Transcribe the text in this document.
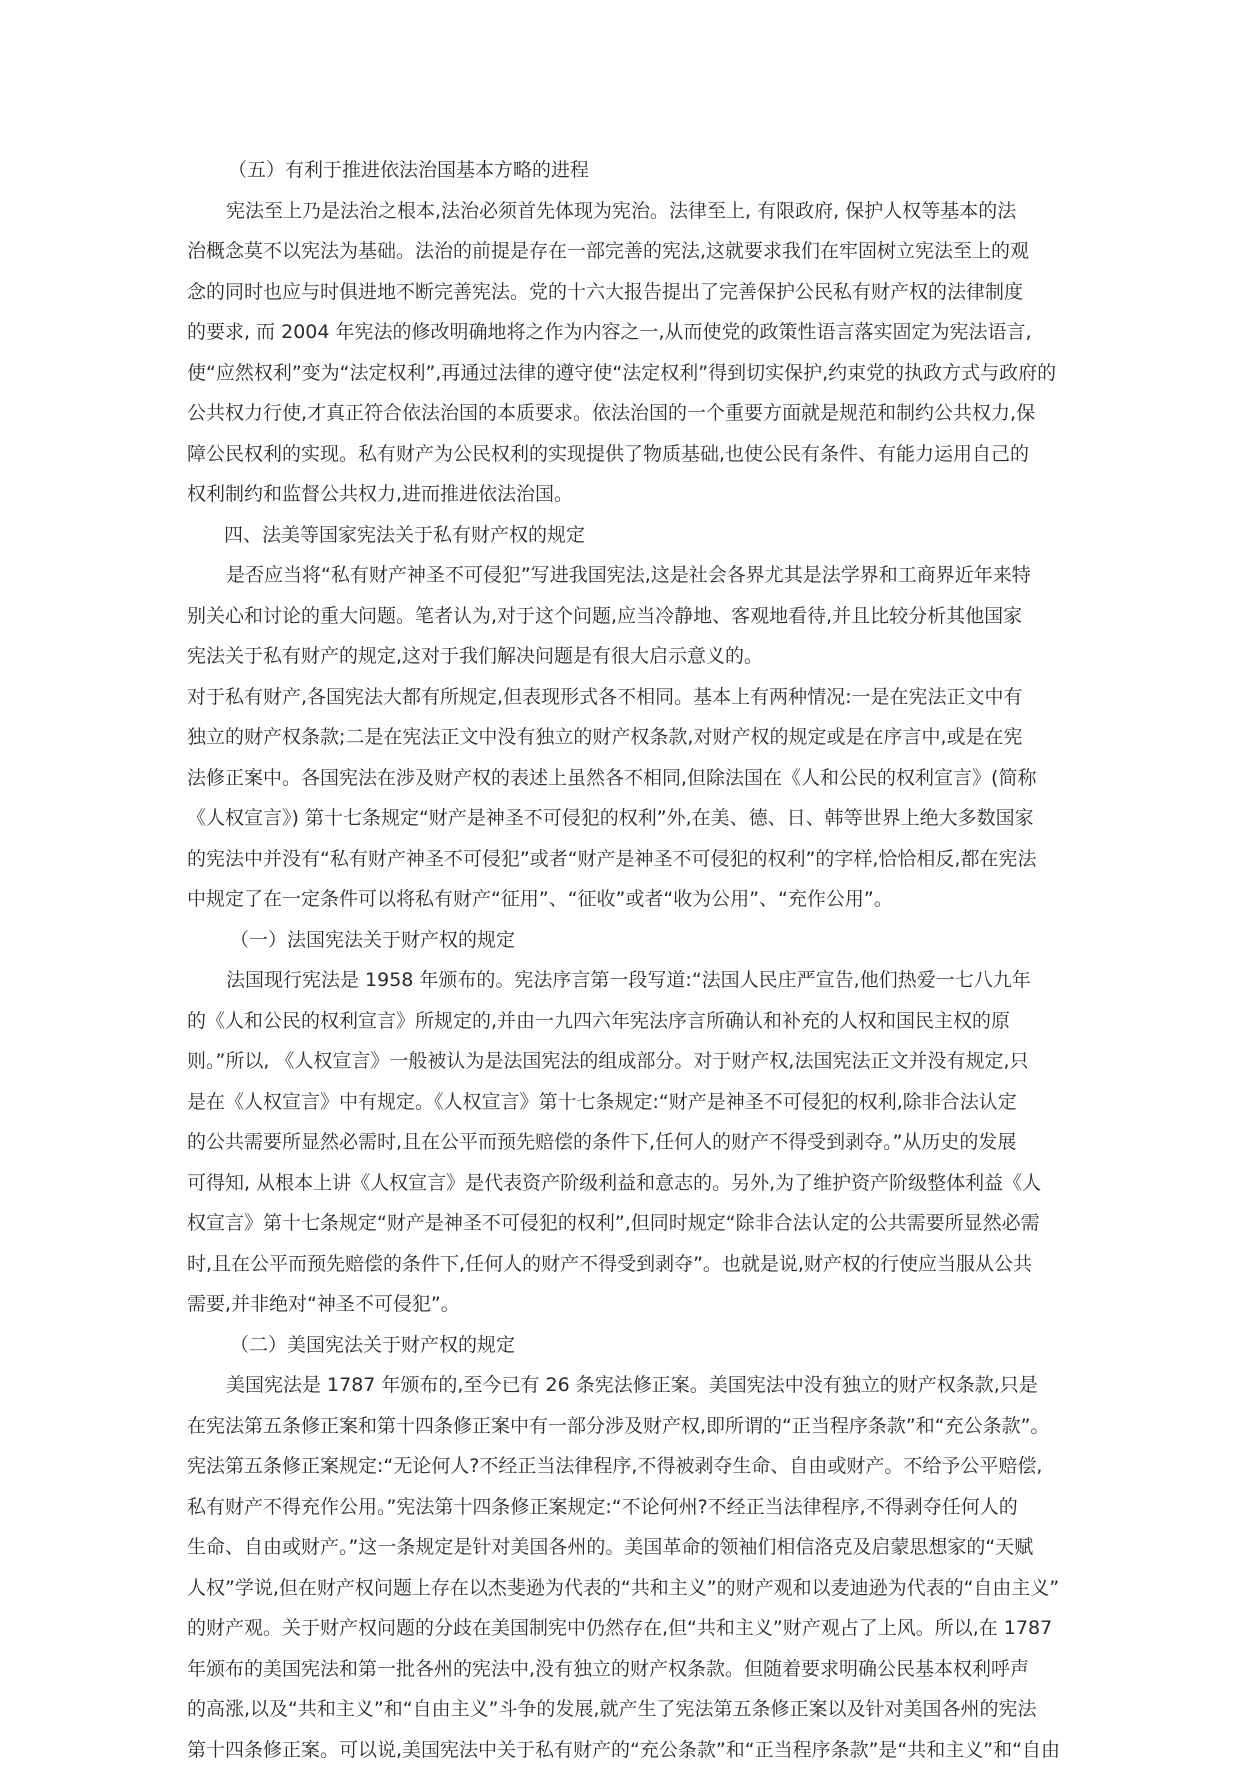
（五）有利于推进依法治国基本方略的进程
宪法至上乃是法治之根本,法治必须首先体现为宪治。法律至上, 有限政府, 保护人权等基本的法
治概念莫不以宪法为基础。法治的前提是存在一部完善的宪法,这就要求我们在牢固树立宪法至上的观
念的同时也应与时俱进地不断完善宪法。党的十六大报告提出了完善保护公民私有财产权的法律制度
的要求, 而 2004 年宪法的修改明确地将之作为内容之一,从而使党的政策性语言落实固定为宪法语言,
使“应然权利”变为“法定权利”,再通过法律的遵守使“法定权利”得到切实保护,约束党的执政方式与政府的
公共权力行使,才真正符合依法治国的本质要求。依法治国的一个重要方面就是规范和制约公共权力,保
障公民权利的实现。私有财产为公民权利的实现提供了物质基础,也使公民有条件、有能力运用自己的
权利制约和监督公共权力,进而推进依法治国。
四、法美等国家宪法关于私有财产权的规定
是否应当将“私有财产神圣不可侵犯”写进我国宪法,这是社会各界尤其是法学界和工商界近年来特
别关心和讨论的重大问题。笔者认为,对于这个问题,应当冷静地、客观地看待,并且比较分析其他国家
宪法关于私有财产的规定,这对于我们解决问题是有很大启示意义的。
对于私有财产,各国宪法大都有所规定,但表现形式各不相同。基本上有两种情况:一是在宪法正文中有
独立的财产权条款;二是在宪法正文中没有独立的财产权条款,对财产权的规定或是在序言中,或是在宪
法修正案中。各国宪法在涉及财产权的表述上虽然各不相同,但除法国在《人和公民的权利宣言》(简称
《人权宣言》) 第十七条规定“财产是神圣不可侵犯的权利”外,在美、德、日、韩等世界上绝大多数国家
的宪法中并没有“私有财产神圣不可侵犯”或者“财产是神圣不可侵犯的权利”的字样,恰恰相反,都在宪法
中规定了在一定条件可以将私有财产“征用”、“征收”或者“收为公用”、“充作公用”。
（一）法国宪法关于财产权的规定
法国现行宪法是 1958 年颁布的。宪法序言第一段写道:“法国人民庄严宣告,他们热爱一七八九年
的《人和公民的权利宣言》所规定的,并由一九四六年宪法序言所确认和补充的人权和国民主权的原
则。”所以, 《人权宣言》一般被认为是法国宪法的组成部分。对于财产权,法国宪法正文并没有规定,只
是在《人权宣言》中有规定。《人权宣言》第十七条规定:“财产是神圣不可侵犯的权利,除非合法认定
的公共需要所显然必需时,且在公平而预先赔偿的条件下,任何人的财产不得受到剥夺。”从历史的发展
可得知, 从根本上讲《人权宣言》是代表资产阶级利益和意志的。另外,为了维护资产阶级整体利益《人
权宣言》第十七条规定“财产是神圣不可侵犯的权利”,但同时规定“除非合法认定的公共需要所显然必需
时,且在公平而预先赔偿的条件下,任何人的财产不得受到剥夺”。也就是说,财产权的行使应当服从公共
需要,并非绝对“神圣不可侵犯”。
（二）美国宪法关于财产权的规定
美国宪法是 1787 年颁布的,至今已有 26 条宪法修正案。美国宪法中没有独立的财产权条款,只是
在宪法第五条修正案和第十四条修正案中有一部分涉及财产权,即所谓的“正当程序条款”和“充公条款”。
宪法第五条修正案规定:“无论何人?不经正当法律程序,不得被剥夺生命、自由或财产。不给予公平赔偿,
私有财产不得充作公用。”宪法第十四条修正案规定:“不论何州?不经正当法律程序,不得剥夺任何人的
生命、自由或财产。”这一条规定是针对美国各州的。美国革命的领袖们相信洛克及启蒙思想家的“天赋
人权”学说,但在财产权问题上存在以杰斐逊为代表的“共和主义”的财产观和以麦迪逊为代表的“自由主义”
的财产观。关于财产权问题的分歧在美国制宪中仍然存在,但“共和主义”财产观占了上风。所以,在 1787
年颁布的美国宪法和第一批各州的宪法中,没有独立的财产权条款。但随着要求明确公民基本权利呼声
的高涨,以及“共和主义”和“自由主义”斗争的发展,就产生了宪法第五条修正案以及针对美国各州的宪法
第十四条修正案。可以说,美国宪法中关于私有财产的“充公条款”和“正当程序条款”是“共和主义”和“自由
